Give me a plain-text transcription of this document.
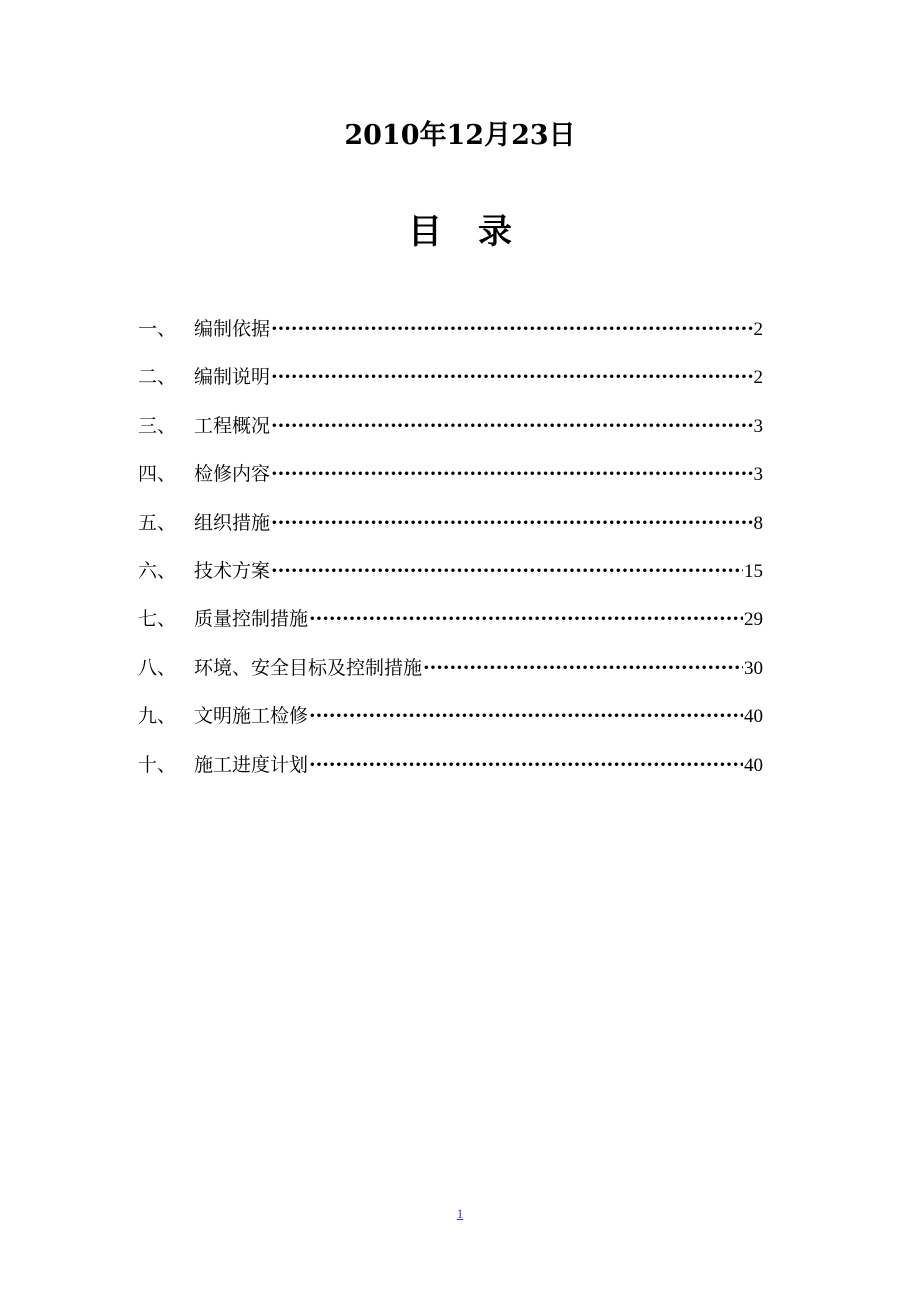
2010年12月23日
目录
一、 编制依据 ·····	2
二、 编制说明 ·····	2
三、 工程概况 ·····	3
四、 检修内容 ·····	3
五、 组织措施 ·····	8
六、 技术方案 ·····	15
七、 质量控制措施 ·····	29
八、 环境、安全目标及控制措施 ·····	30
九、 文明施工检修 ·····	40
十、 施工进度计划 ·····	40
1
